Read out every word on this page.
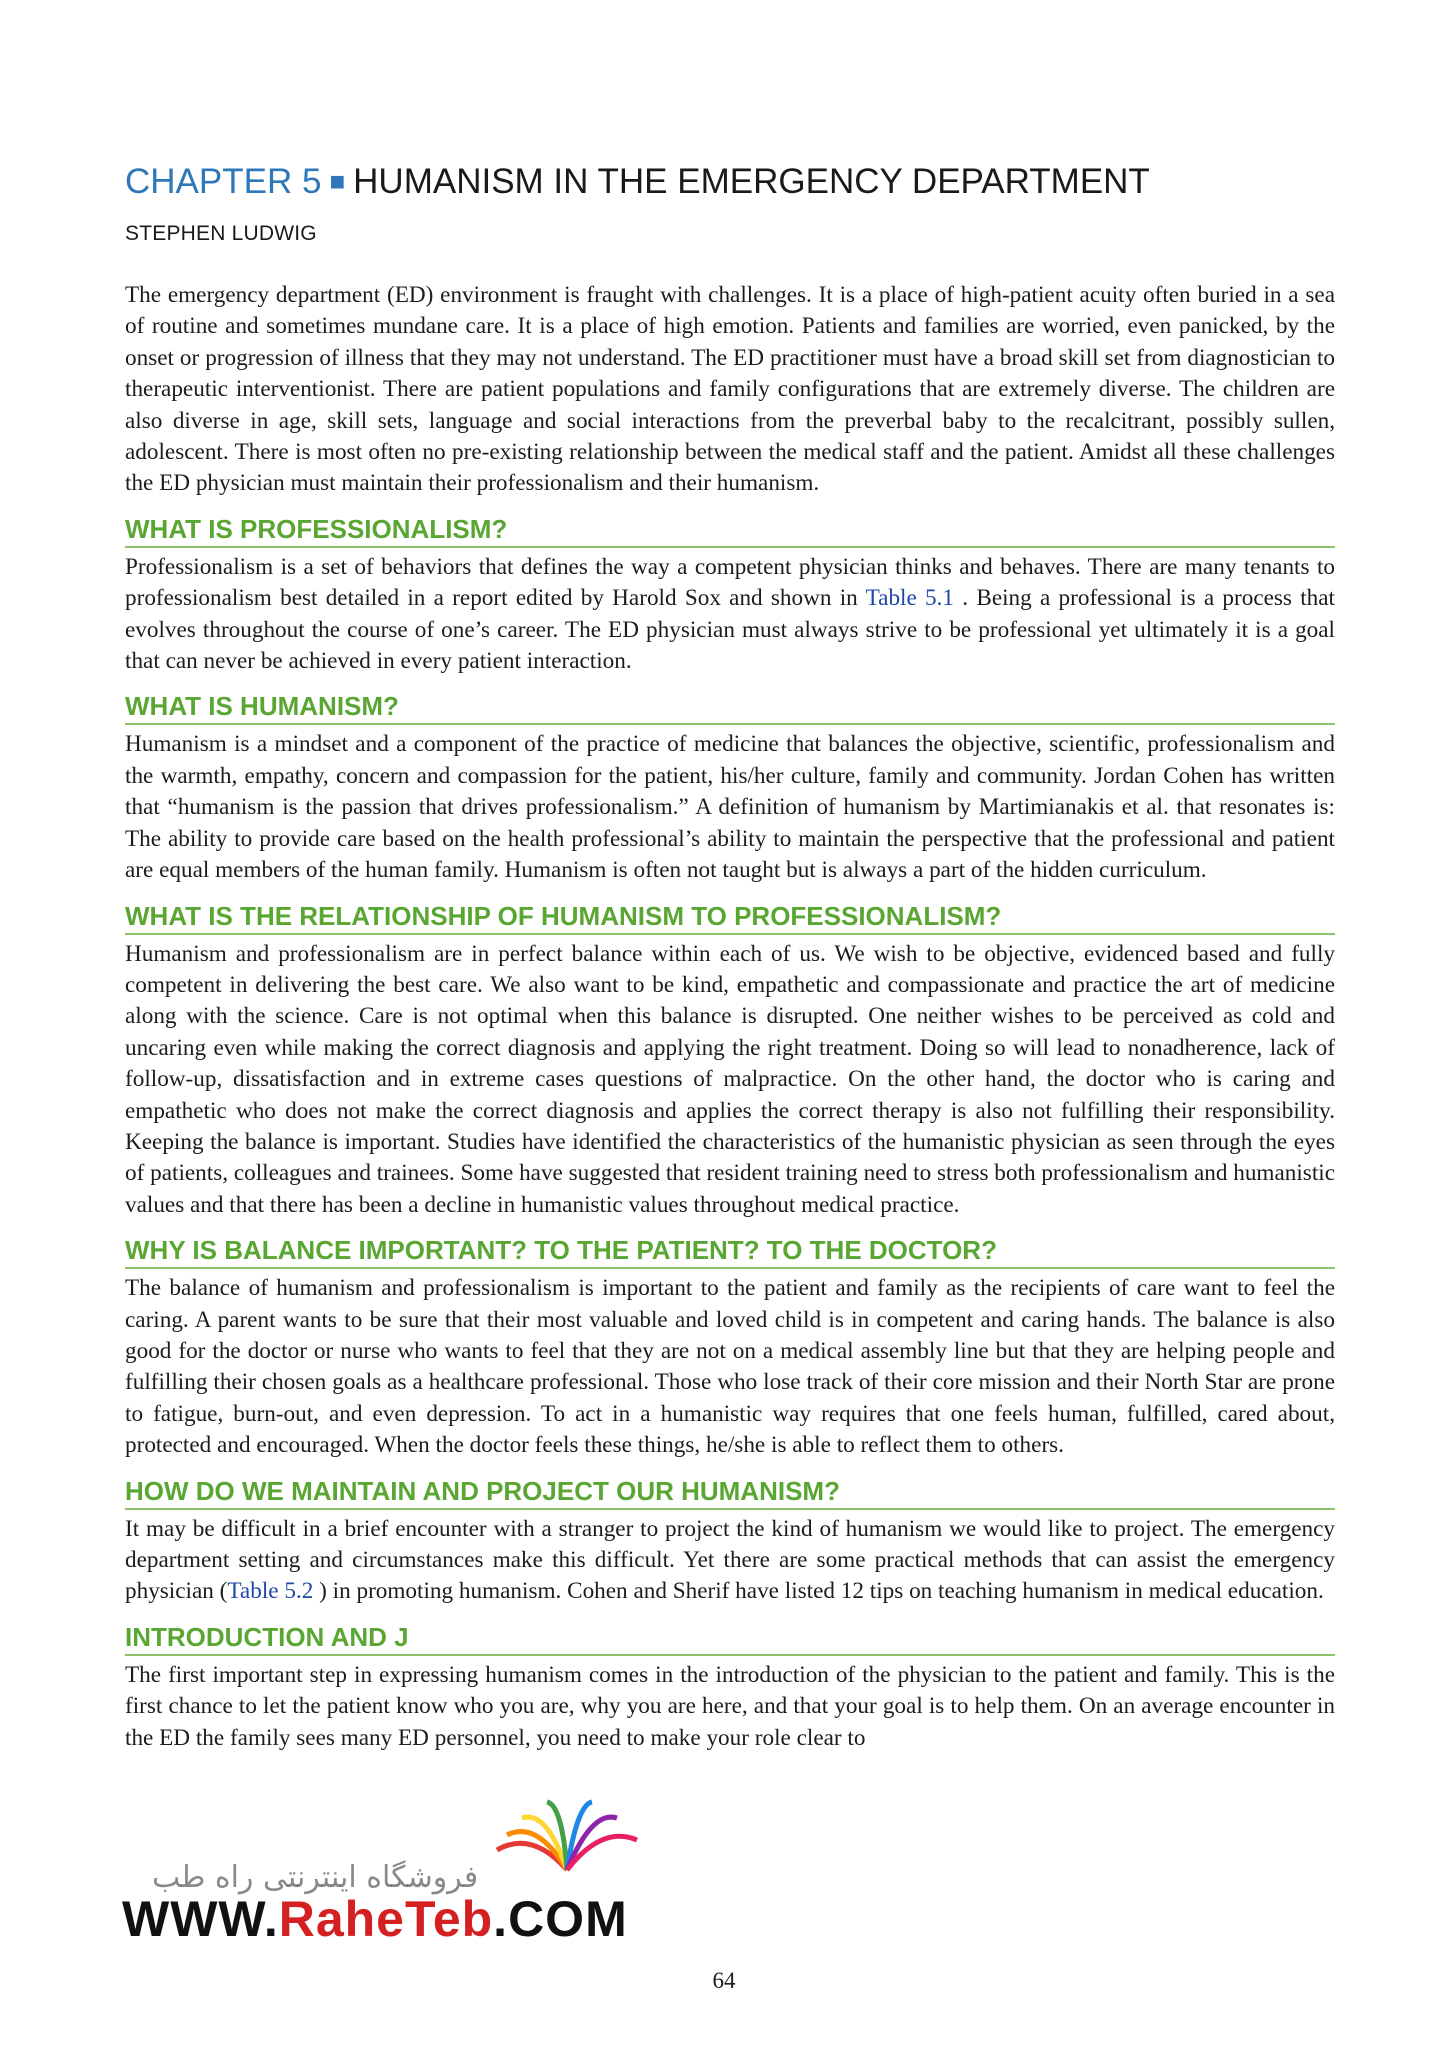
CHAPTER 5 ■ HUMANISM IN THE EMERGENCY DEPARTMENT
STEPHEN LUDWIG

The emergency department (ED) environment is fraught with challenges. It is a place of high-patient acuity often buried in a sea of routine and sometimes mundane care. It is a place of high emotion. Patients and families are worried, even panicked, by the onset or progression of illness that they may not understand. The ED practitioner must have a broad skill set from diagnostician to therapeutic interventionist. There are patient populations and family configurations that are extremely diverse. The children are also diverse in age, skill sets, language and social interactions from the preverbal baby to the recalcitrant, possibly sullen, adolescent. There is most often no pre-existing relationship between the medical staff and the patient. Amidst all these challenges the ED physician must maintain their professionalism and their humanism.

WHAT IS PROFESSIONALISM?

Professionalism is a set of behaviors that defines the way a competent physician thinks and behaves. There are many tenants to professionalism best detailed in a report edited by Harold Sox and shown in Table 5.1 . Being a professional is a process that evolves throughout the course of one’s career. The ED physician must always strive to be professional yet ultimately it is a goal that can never be achieved in every patient interaction.

WHAT IS HUMANISM?

Humanism is a mindset and a component of the practice of medicine that balances the objective, scientific, professionalism and the warmth, empathy, concern and compassion for the patient, his/her culture, family and community. Jordan Cohen has written that “humanism is the passion that drives professionalism.” A definition of humanism by Martimianakis et al. that resonates is: The ability to provide care based on the health professional’s ability to maintain the perspective that the professional and patient are equal members of the human family. Humanism is often not taught but is always a part of the hidden curriculum.

WHAT IS THE RELATIONSHIP OF HUMANISM TO PROFESSIONALISM?

Humanism and professionalism are in perfect balance within each of us. We wish to be objective, evidenced based and fully competent in delivering the best care. We also want to be kind, empathetic and compassionate and practice the art of medicine along with the science. Care is not optimal when this balance is disrupted. One neither wishes to be perceived as cold and uncaring even while making the correct diagnosis and applying the right treatment. Doing so will lead to nonadherence, lack of follow-up, dissatisfaction and in extreme cases questions of malpractice. On the other hand, the doctor who is caring and empathetic who does not make the correct diagnosis and applies the correct therapy is also not fulfilling their responsibility. Keeping the balance is important. Studies have identified the characteristics of the humanistic physician as seen through the eyes of patients, colleagues and trainees. Some have suggested that resident training need to stress both professionalism and humanistic values and that there has been a decline in humanistic values throughout medical practice.

WHY IS BALANCE IMPORTANT? TO THE PATIENT? TO THE DOCTOR?

The balance of humanism and professionalism is important to the patient and family as the recipients of care want to feel the caring. A parent wants to be sure that their most valuable and loved child is in competent and caring hands. The balance is also good for the doctor or nurse who wants to feel that they are not on a medical assembly line but that they are helping people and fulfilling their chosen goals as a healthcare professional. Those who lose track of their core mission and their North Star are prone to fatigue, burn-out, and even depression. To act in a humanistic way requires that one feels human, fulfilled, cared about, protected and encouraged. When the doctor feels these things, he/she is able to reflect them to others.

HOW DO WE MAINTAIN AND PROJECT OUR HUMANISM?

It may be difficult in a brief encounter with a stranger to project the kind of humanism we would like to project. The emergency department setting and circumstances make this difficult. Yet there are some practical methods that can assist the emergency physician (Table 5.2 ) in promoting humanism. Cohen and Sherif have listed 12 tips on teaching humanism in medical education.

INTRODUCTION AND J

The first important step in expressing humanism comes in the introduction of the physician to the patient and family. This is the first chance to let the patient know who you are, why you are here, and that your goal is to help them. On an average encounter in the ED the family sees many ED personnel, you need to make your role clear to

فروشگاه اینترنتی راه طب
WWW.RaheTeb.COM
64
